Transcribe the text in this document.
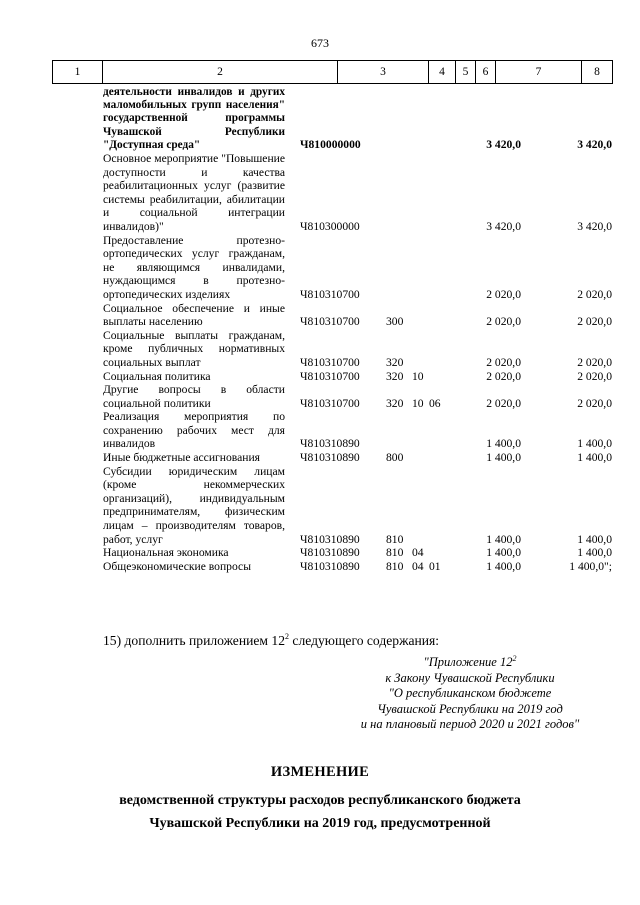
673
1	2	3	4	5	6	7	8
деятельности инвалидов и других маломобильных групп населения" государственной программы Чувашской Республики "Доступная среда"	Ч810000000	3 420,0	3 420,0
Основное мероприятие "Повышение доступности и качества реабилитационных услуг (развитие системы реабилитации, абилитации и социальной интеграции инвалидов)"	Ч810300000	3 420,0	3 420,0
Предоставление протезно-ортопедических услуг гражданам, не являющимся инвалидами, нуждающимся в протезно-ортопедических изделиях	Ч810310700	2 020,0	2 020,0
Социальное обеспечение и иные выплаты населению	Ч810310700 300	2 020,0	2 020,0
Социальные выплаты гражданам, кроме публичных нормативных социальных выплат	Ч810310700 320	2 020,0	2 020,0
Социальная политика	Ч810310700 320 10	2 020,0	2 020,0
Другие вопросы в области социальной политики	Ч810310700 320 10 06	2 020,0	2 020,0
Реализация мероприятия по сохранению рабочих мест для инвалидов	Ч810310890	1 400,0	1 400,0
Иные бюджетные ассигнования	Ч810310890 800	1 400,0	1 400,0
Субсидии юридическим лицам (кроме некоммерческих организаций), индивидуальным предпринимателям, физическим лицам – производителям товаров, работ, услуг	Ч810310890 810	1 400,0	1 400,0
Национальная экономика	Ч810310890 810 04	1 400,0	1 400,0
Общеэкономические вопросы	Ч810310890 810 04 01	1 400,0	1 400,0";
15) дополнить приложением $12^2$ следующего содержания:
"Приложение $12^2$
к Закону Чувашской Республики
"О республиканском бюджете
Чувашской Республики на 2019 год
и на плановый период 2020 и 2021 годов"
ИЗМЕНЕНИЕ
ведомственной структуры расходов республиканского бюджета
Чувашской Республики на 2019 год, предусмотренной
